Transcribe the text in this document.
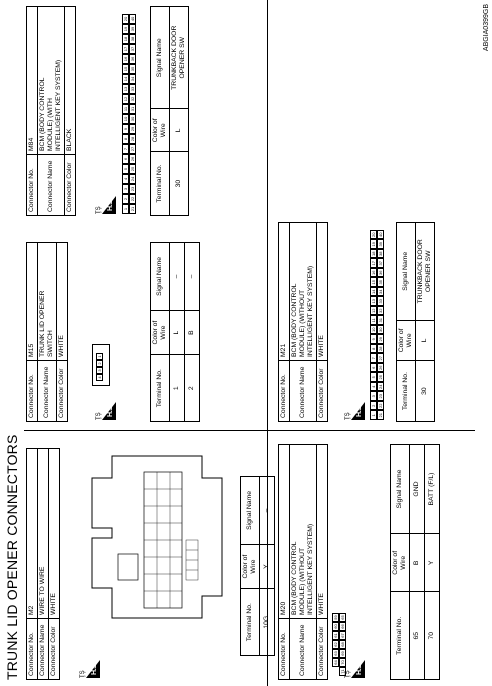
TRUNK LID OPENER CONNECTORS Connector No.	M2
Connector Name	WIRE TO WIRE
Connector Color	WHITE
ŢŞ H.S.
Terminal No.	Color of
Wire	Signal Name
10G	Y	–
Connector No.	M15
Connector Name	TRUNK LID OPENER
SWITCH
Connector Color	WHITE
ŢŞ H.S.
4
3
2
1
Terminal No.	Color of
Wire	Signal Name
1	L	–
2	B	–
Connector No.	M20
Connector Name	BCM (BODY CONTROL
MODULE) (WITHOUT
INTELLIGENT KEY SYSTEM)
Connector Color	WHITE
ŢŞ H.S.
64
63
62
61
60
59
71
70
69
68
67
66
65	Terminal No.	Color of
Wire	Signal Name
65	B	GND
70	Y	BATT (F/L)
Connector No.	M21
Connector Name	BCM (BODY CONTROL
MODULE) (WITHOUT
INTELLIGENT KEY SYSTEM)
Connector Color	WHITE
ŢŞ H.S. 1
2
3
4
5
6
7
8
9
10
11
12
13
14
15
16
17
18
19
20
21
22
23
24
25
26
27
28
29
30
31
32
33
34
35
36
37
38
39
40
Terminal No.	Color of
Wire	Signal Name
30	L	TRUNKBACK DOOR
OPENER SW
Connector No.	M84
Connector Name	BCM (BODY CONTROL
MODULE) (WITH
INTELLIGENT KEY SYSTEM)
Connector Color	BLACK
ŢŞ H.S. 1
2
3
4
5
6
7
8
9
10
11
12
13
14
15
16
17
18
19
20
21
22
23
24
25
26
27
28
29
30
31
32
33
34
35
36
37
38
39
40
Terminal No.	Color of
Wire	Signal Name
30	L	TRUNKBACK DOOR
OPENER SW	ABGIA0399GB
